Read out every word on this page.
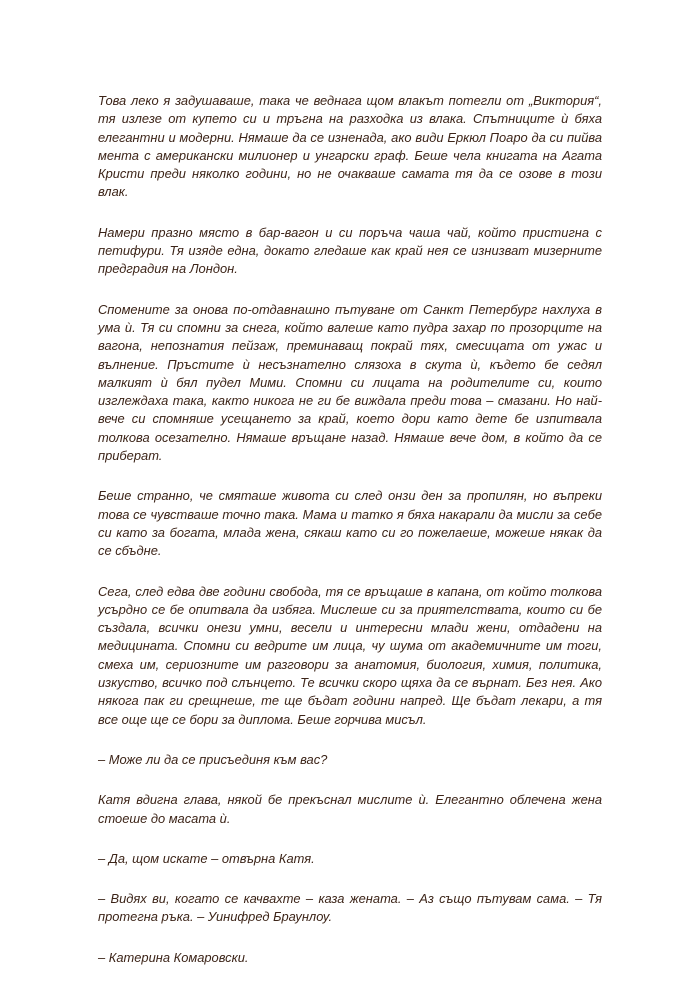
Това леко я задушаваше, така че веднага щом влакът потегли от „Виктория“, тя излезе от купето си и тръгна на разходка из влака. Спътниците ѝ бяха елегантни и модерни. Нямаше да се изненада, ако види Еркюл Поаро да си пийва мента с американски милионер и унгарски граф. Беше чела книгата на Агата Кристи преди няколко години, но не очакваше самата тя да се озове в този влак.

Намери празно място в бар-вагон и си поръча чаша чай, който пристигна с петифури. Тя изяде една, докато гледаше как край нея се изнизват мизерните предградия на Лондон.

Спомените за онова по-отдавнашно пътуване от Санкт Петербург нахлуха в ума ѝ. Тя си спомни за снега, който валеше като пудра захар по прозорците на вагона, непознатия пейзаж, преминаващ покрай тях, смесицата от ужас и вълнение. Пръстите ѝ несъзнателно слязоха в скута ѝ, където бе седял малкият ѝ бял пудел Мими. Спомни си лицата на родителите си, които изглеждаха така, както никога не ги бе виждала преди това – смазани. Но най-вече си спомняше усещането за край, което дори като дете бе изпитвала толкова осезателно. Нямаше връщане назад. Нямаше вече дом, в който да се приберат.

Беше странно, че смяташе живота си след онзи ден за пропилян, но въпреки това се чувстваше точно така. Мама и татко я бяха накарали да мисли за себе си като за богата, млада жена, сякаш като си го пожелаеше, можеше някак да се сбъдне.

Сега, след едва две години свобода, тя се връщаше в капана, от който толкова усърдно се бе опитвала да избяга. Мислеше си за приятелствата, които си бе създала, всички онези умни, весели и интересни млади жени, отдадени на медицината. Спомни си ведрите им лица, чу шума от академичните им тоги, смеха им, сериозните им разговори за анатомия, биология, химия, политика, изкуство, всичко под слънцето. Те всички скоро щяха да се върнат. Без нея. Ако някога пак ги срещнеше, те ще бъдат години напред. Ще бъдат лекари, а тя все още ще се бори за диплома. Беше горчива мисъл.

– Може ли да се присъединя към вас?

Катя вдигна глава, някой бе прекъснал мислите ѝ. Елегантно облечена жена стоеше до масата ѝ.

– Да, щом искате – отвърна Катя.

– Видях ви, когато се качвахте – каза жената. – Аз също пътувам сама. – Тя протегна ръка. – Уинифред Браунлоу.

– Катерина Комаровски.
